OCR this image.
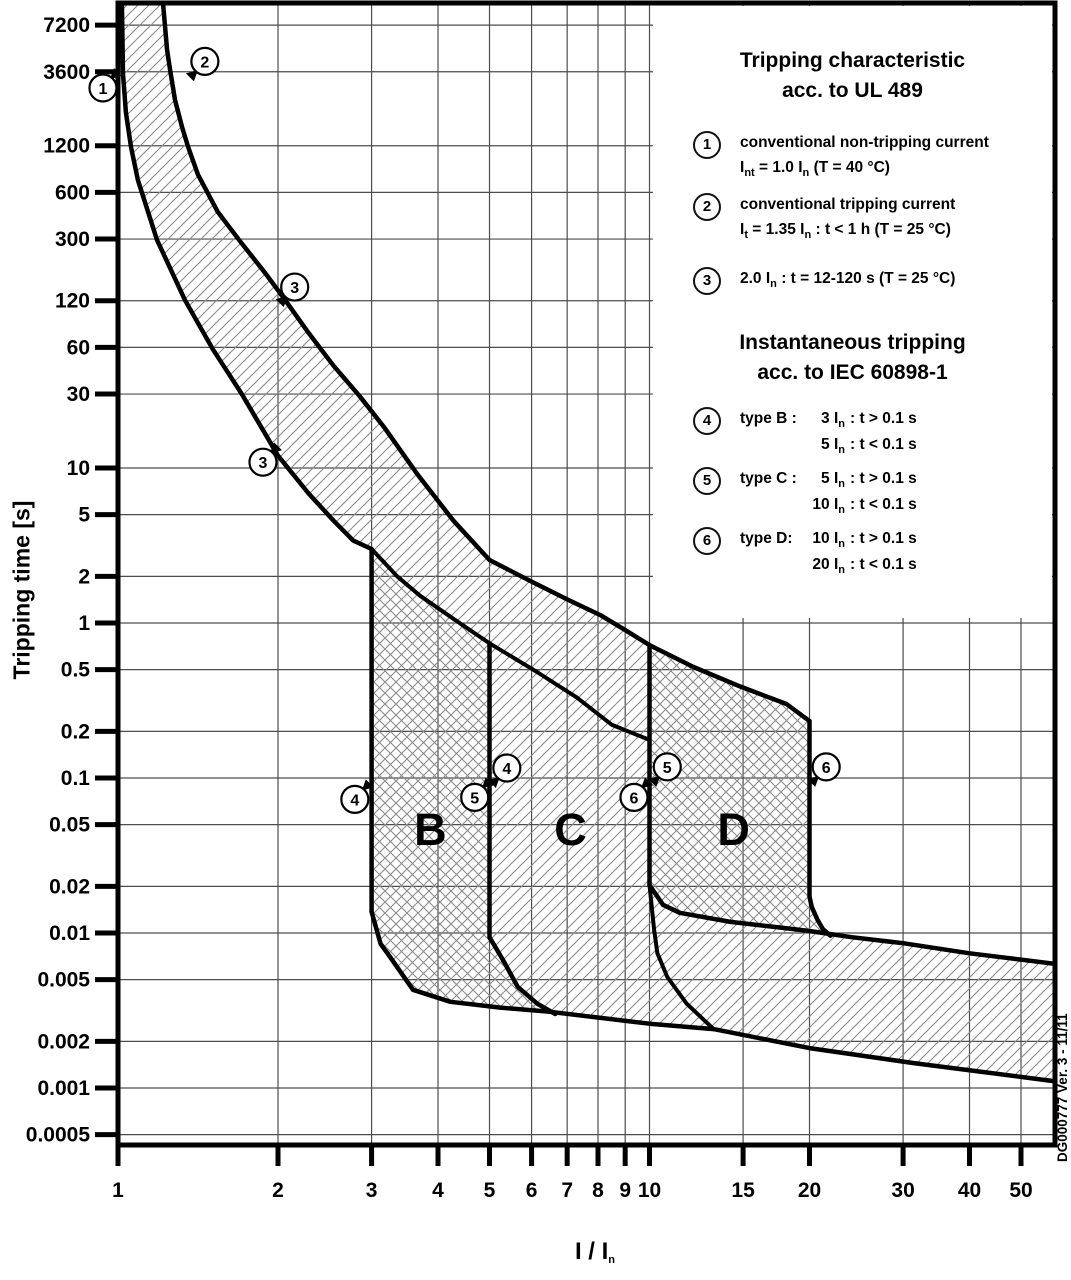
7200
3600
1200
600
300
120
60
30
10
5
2
1
0.5
0.2
0.1
0.05
0.02
0.01
0.005
0.002
0.001
0.0005
1	2	3	4 5 6 7 8 9 10	15 20	30 40 50
B C	D
1
2
3
3
4
4
5
5
6
6
DG000777 Ver. 3 - 11/11
Tripping time [s]
I / $I_n$
Tripping characteristic
acc. to UL 489
Instantaneous tripping
acc. to IEC 60898-1
1	conventional non-tripping current
$I_{nt} = 1.0$ $I_n$ (T = 40 °C)
2	conventional tripping current
$I_t = 1.35$ $I_n$ : t < 1 h (T = 25 °C)
3	2.0 $I_n$ : t = 12-120 s (T = 25 °C)
4	type B :	3 $I_n$ : t > 0.1 s
5 $I_n$ : t < 0.1 s
5	type C :	5 $I_n$ : t > 0.1 s
10 $I_n$ : t < 0.1 s
6	type D:	10 $I_n$ : t > 0.1 s
20 $I_n$ : t < 0.1 s
